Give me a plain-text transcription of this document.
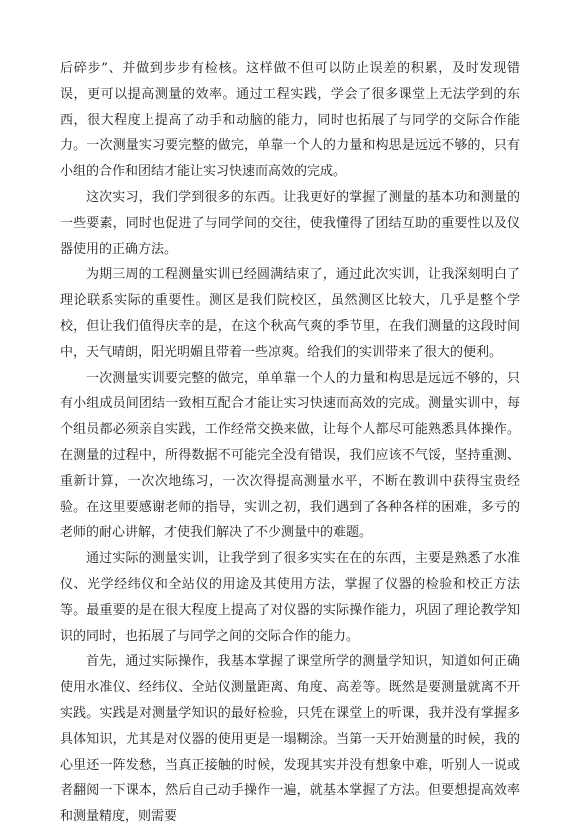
后碎步”、并做到步步有检核。这样做不但可以防止误差的积累，及时发现错误，更可以提高测量的效率。通过工程实践，学会了很多课堂上无法学到的东西，很大程度上提高了动手和动脑的能力，同时也拓展了与同学的交际合作能力。一次测量实习要完整的做完，单靠一个人的力量和构思是远远不够的，只有小组的合作和团结才能让实习快速而高效的完成。

这次实习，我们学到很多的东西。让我更好的掌握了测量的基本功和测量的一些要素，同时也促进了与同学间的交往，使我懂得了团结互助的重要性以及仪器使用的正确方法。

为期三周的工程测量实训已经圆满结束了，通过此次实训，让我深刻明白了理论联系实际的重要性。测区是我们院校区，虽然测区比较大，几乎是整个学校，但让我们值得庆幸的是，在这个秋高气爽的季节里，在我们测量的这段时间中，天气晴朗，阳光明媚且带着一些凉爽。给我们的实训带来了很大的便利。

一次测量实训要完整的做完，单单靠一个人的力量和构思是远远不够的，只有小组成员间团结一致相互配合才能让实习快速而高效的完成。测量实训中，每个组员都必须亲自实践，工作经常交换来做，让每个人都尽可能熟悉具体操作。在测量的过程中，所得数据不可能完全没有错误，我们应该不气馁，坚持重测、重新计算，一次次地练习，一次次得提高测量水平，不断在教训中获得宝贵经验。在这里要感谢老师的指导，实训之初，我们遇到了各种各样的困难，多亏的老师的耐心讲解，才使我们解决了不少测量中的难题。

通过实际的测量实训，让我学到了很多实实在在的东西，主要是熟悉了水准仪、光学经纬仪和全站仪的用途及其使用方法，掌握了仪器的检验和校正方法等。最重要的是在很大程度上提高了对仪器的实际操作能力，巩固了理论教学知识的同时，也拓展了与同学之间的交际合作的能力。

首先，通过实际操作，我基本掌握了课堂所学的测量学知识，知道如何正确使用水准仪、经纬仪、全站仪测量距离、角度、高差等。既然是要测量就离不开实践。实践是对测量学知识的最好检验，只凭在课堂上的听课，我并没有掌握多具体知识，尤其是对仪器的使用更是一塌糊涂。当第一天开始测量的时候，我的心里还一阵发愁，当真正接触的时候，发现其实并没有想象中难，听别人一说或者翻阅一下课本，然后自己动手操作一遍，就基本掌握了方法。但要想提高效率和测量精度，则需要
